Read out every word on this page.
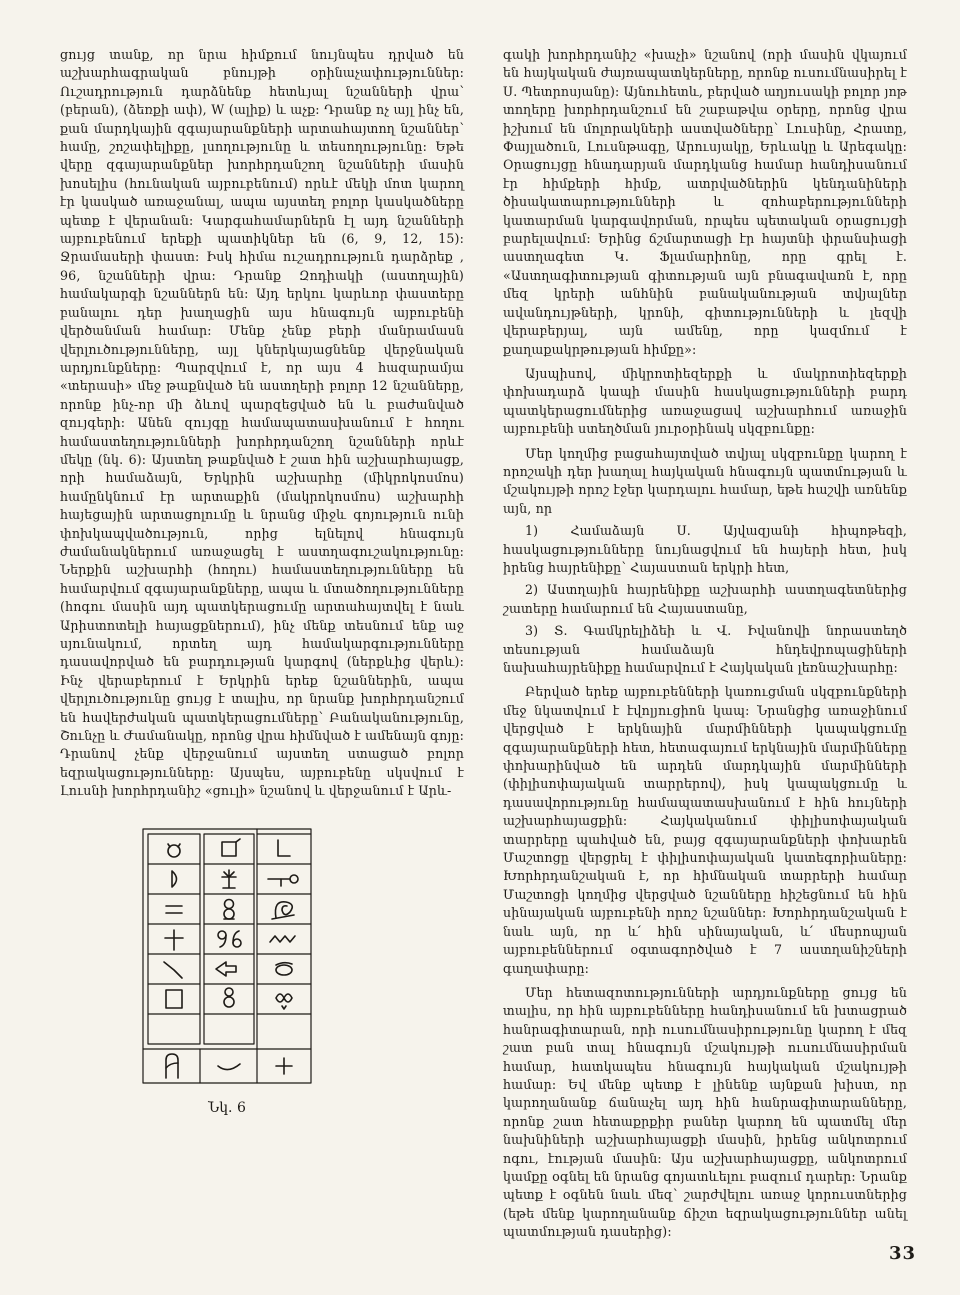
ցույց տանք, որ նրա հիմքում նույնպես դրված են աշխարհագրական բնույթի օրինաչափություններ: Ուշադրություն դարձնենք հետևյալ նշանների վրա՝ (բերան), (ձեռքի ափ), W (ալիք) և աչք: Դրանք ոչ այլ ինչ են, քան մարդկային զգայարանքների արտահայտող նշաններ՝ համը, շոշափելիքը, լսողությունը և տեսողությունը: Եթե վերը զգայարանքներ խորհրդանշող նշանների մասին խոսելիս (հունական այբուբենում) որևէ մեկի մոտ կարող էր կասկած առաջանալ, ապա այստեղ բոլոր կասկածները պետք է վերանան: Կարգահամարներն էլ այդ նշանների այբուբենում երեքի պատիկներ են (6, 9, 12, 15): Ջրամասերի փաստ: Իսկ հիմա ուշադրություն դարձրեք , 96, նշանների վրա: Դրանք Զոդիակի (աստղային) համակարգի նշաններն են: Այդ երկու կարևոր փաստերը բանալու դեր խաղացին այս հնագույն այբուբենի վերծանման համար: Մենք չենք բերի մանրամասն վերլուծությունները, այլ կներկայացնենք վերջնական արդյունքները: Պարզվում է, որ այս 4 հազարամյա «տերասի» մեջ թաքնված են աստղերի բոլոր 12 նշանները, որոնք ինչ-որ մի ձևով պարզեցված են և բաժանված զույգերի: Անեն զույգը համապատասխանում է հողու համաստեղությունների խորհրդանշող նշանների որևէ մեկը (նկ. 6): Այստեղ թաքնված է շատ հին աշխարհայացք, որի համաձայն, Երկրին աշխարհը (միկրոկոսմոս) համընկնում էր արտաքին (մակրոկոսմոս) աշխարհի հայեցային արտացոլումը և նրանց միջև գոյություն ունի փոխկապվածություն, որից ելնելով հնագույն ժամանակներում առաջացել է աստղագուշակությունը: Ներքին աշխարհի (հողու) համաստեղությունները են համարվում զգայարանքները, ապա և մտածողությունները (հոգու մասին այդ պատկերացումը արտահայտվել է նաև Արիստոտելի հայացքներում), ինչ մենք տեսնում ենք աջ սյունակում, որտեղ այդ համակարգությունները դասավորված են բարդության կարգով (ներքևից վերև): Ինչ վերաբերում է Երկրին երեք նշաններին, ապա վերլուծությունը ցույց է տալիս, որ նրանք խորհրդանշում են հավերժական պատկերացումները՝ Բանականությունը, Շունչը և Ժամանակը, որոնց վրա հիմնված է ամենայն գոյը: Դրանով չենք վերջանում այստեղ ստացած բոլոր եզրակացությունները: Այսպես, այբուբենը սկսվում է Լուսնի խորհրդանիշ «ցուլի» նշանով և վերջանում է Արև-

գակի խորհրդանիշ «խաչի» նշանով (որի մասին վկայում են հայկական ժայռապատկերները, որոնք ուսումնասիրել է Ս. Պետրոսյանը): Այնուհետև, բերված աղյուսակի բոլոր յոթ տողերը խորհրդանշում են շաբաթվա օրերը, որոնց վրա իշխում են մոլորակների աստվածները՝ Լուսինը, Հրատը, Փայլածուն, Լուսնթագը, Արուսյակը, Երևակը և Արեգակը: Օրացույցը հնադարյան մարդկանց համար հանդիսանում էր հիմքերի հիմք, ատրվածներին կենդանիների ծիսակատարությունների և զոհաբերությունների կատարման կարգավորման, որպես պետական օրացույցի բարելավում: Երինց ճշմարտացի էր հայտնի փրանսիացի աստղագետ Կ. Ֆլամարիոնը, որը գրել է. «Աստղագիտության գիտության այն բնագավառն է, որը մեզ կրերի անհնին բանականության տվյալներ ավանդույթների, կրոնի, գիտությունների և լեզվի վերաբերյալ, այն ամենը, որը կազմում է քաղաքակրթության հիմքը»:

Այսպիսով, միկրոտիեզերքի և մակրոտիեզերքի փոխադարձ կապի մասին հասկացությունների բարդ պատկերացումներից առաջացավ աշխարհում առաջին այբուբենի ստեղծման յուրօրինակ սկզբունքը:

Մեր կողմից բացահայտված տվյալ սկզբունքը կարող է որոշակի դեր խաղալ հայկական հնագույն պատմության և մշակույթի որոշ էջեր կարդալու համար, եթե հաշվի առնենք այն, որ

1) Համաձայն Ս. Այվազյանի հիպոթեզի, հասկացությունները նույնացվում են հայերի հետ, իսկ իրենց հայրենիքը՝ Հայաստան երկրի հետ,

2) Աստղային հայրենիքը աշխարհի աստղագետներից շատերը համարում են Հայաստանը,

3) Տ. Գամկրելիձեի և Վ. Իվանովի նորաստեղծ տեսության համաձայն հնդեվրոպացիների նախահայրենիքը համարվում է Հայկական լեռնաշխարհը:

Բերված երեք այբուբենների կառուցման սկզբունքների մեջ նկատվում է էվոլյուցիոն կապ: Նրանցից առաջինում վերցված է երկնային մարմինների կապակցումը զգայարանքների հետ, հետագայում երկնային մարմինները փոխարինված են արդեն մարդկային մարմինների (փիլիսոփայական տարրերով), իսկ կապակցումը և դասավորությունը համապատասխանում է հին հույների աշխարհայացքին: Հայկականում փիլիսոփայական տարրերը պահված են, բայց զգայարանքների փոխարեն Մաշտոցը վերցրել է փիլիսոփայական կատեգորիաները: Խորհրդանշական է, որ հիմնական տարրերի համար Մաշտոցի կողմից վերցված նշանները հիշեցնում են հին սինայական այբուբենի որոշ նշաններ: Խորհրդանշական է նաև այն, որ և՛ հին սինայական, և՛ մեսրոպյան այբուբեններում օգտագործված է 7 աստղանիշների գաղափարը:

Մեր հետազոտությունների արդյունքները ցույց են տալիս, որ հին այբուբենները հանդիսանում են խտացրած հանրագիտարան, որի ուսումնասիրությունը կարող է մեզ շատ բան տալ հնագույն մշակույթի ուսումնասիրման համար, հատկապես հնագույն հայկական մշակույթի համար: Եվ մենք պետք է լինենք այնքան խիստ, որ կարողանանք ճանաչել այդ հին հանրագիտարանները, որոնք շատ հետաքրքիր բաներ կարող են պատմել մեր նախնիների աշխարհայացքի մասին, իրենց անկոտրում ոգու, էության մասին: Այս աշխարհայացքը, անկոտրում կամքը օգնել են նրանց գոյատևելու բազում դարեր: Նրանք պետք է օգնեն նաև մեզ՝ շարժվելու առաջ կորուստներից (եթե մենք կարողանանք ճիշտ եզրակացություններ անել պատմության դասերից):

Նկ. 6
33
